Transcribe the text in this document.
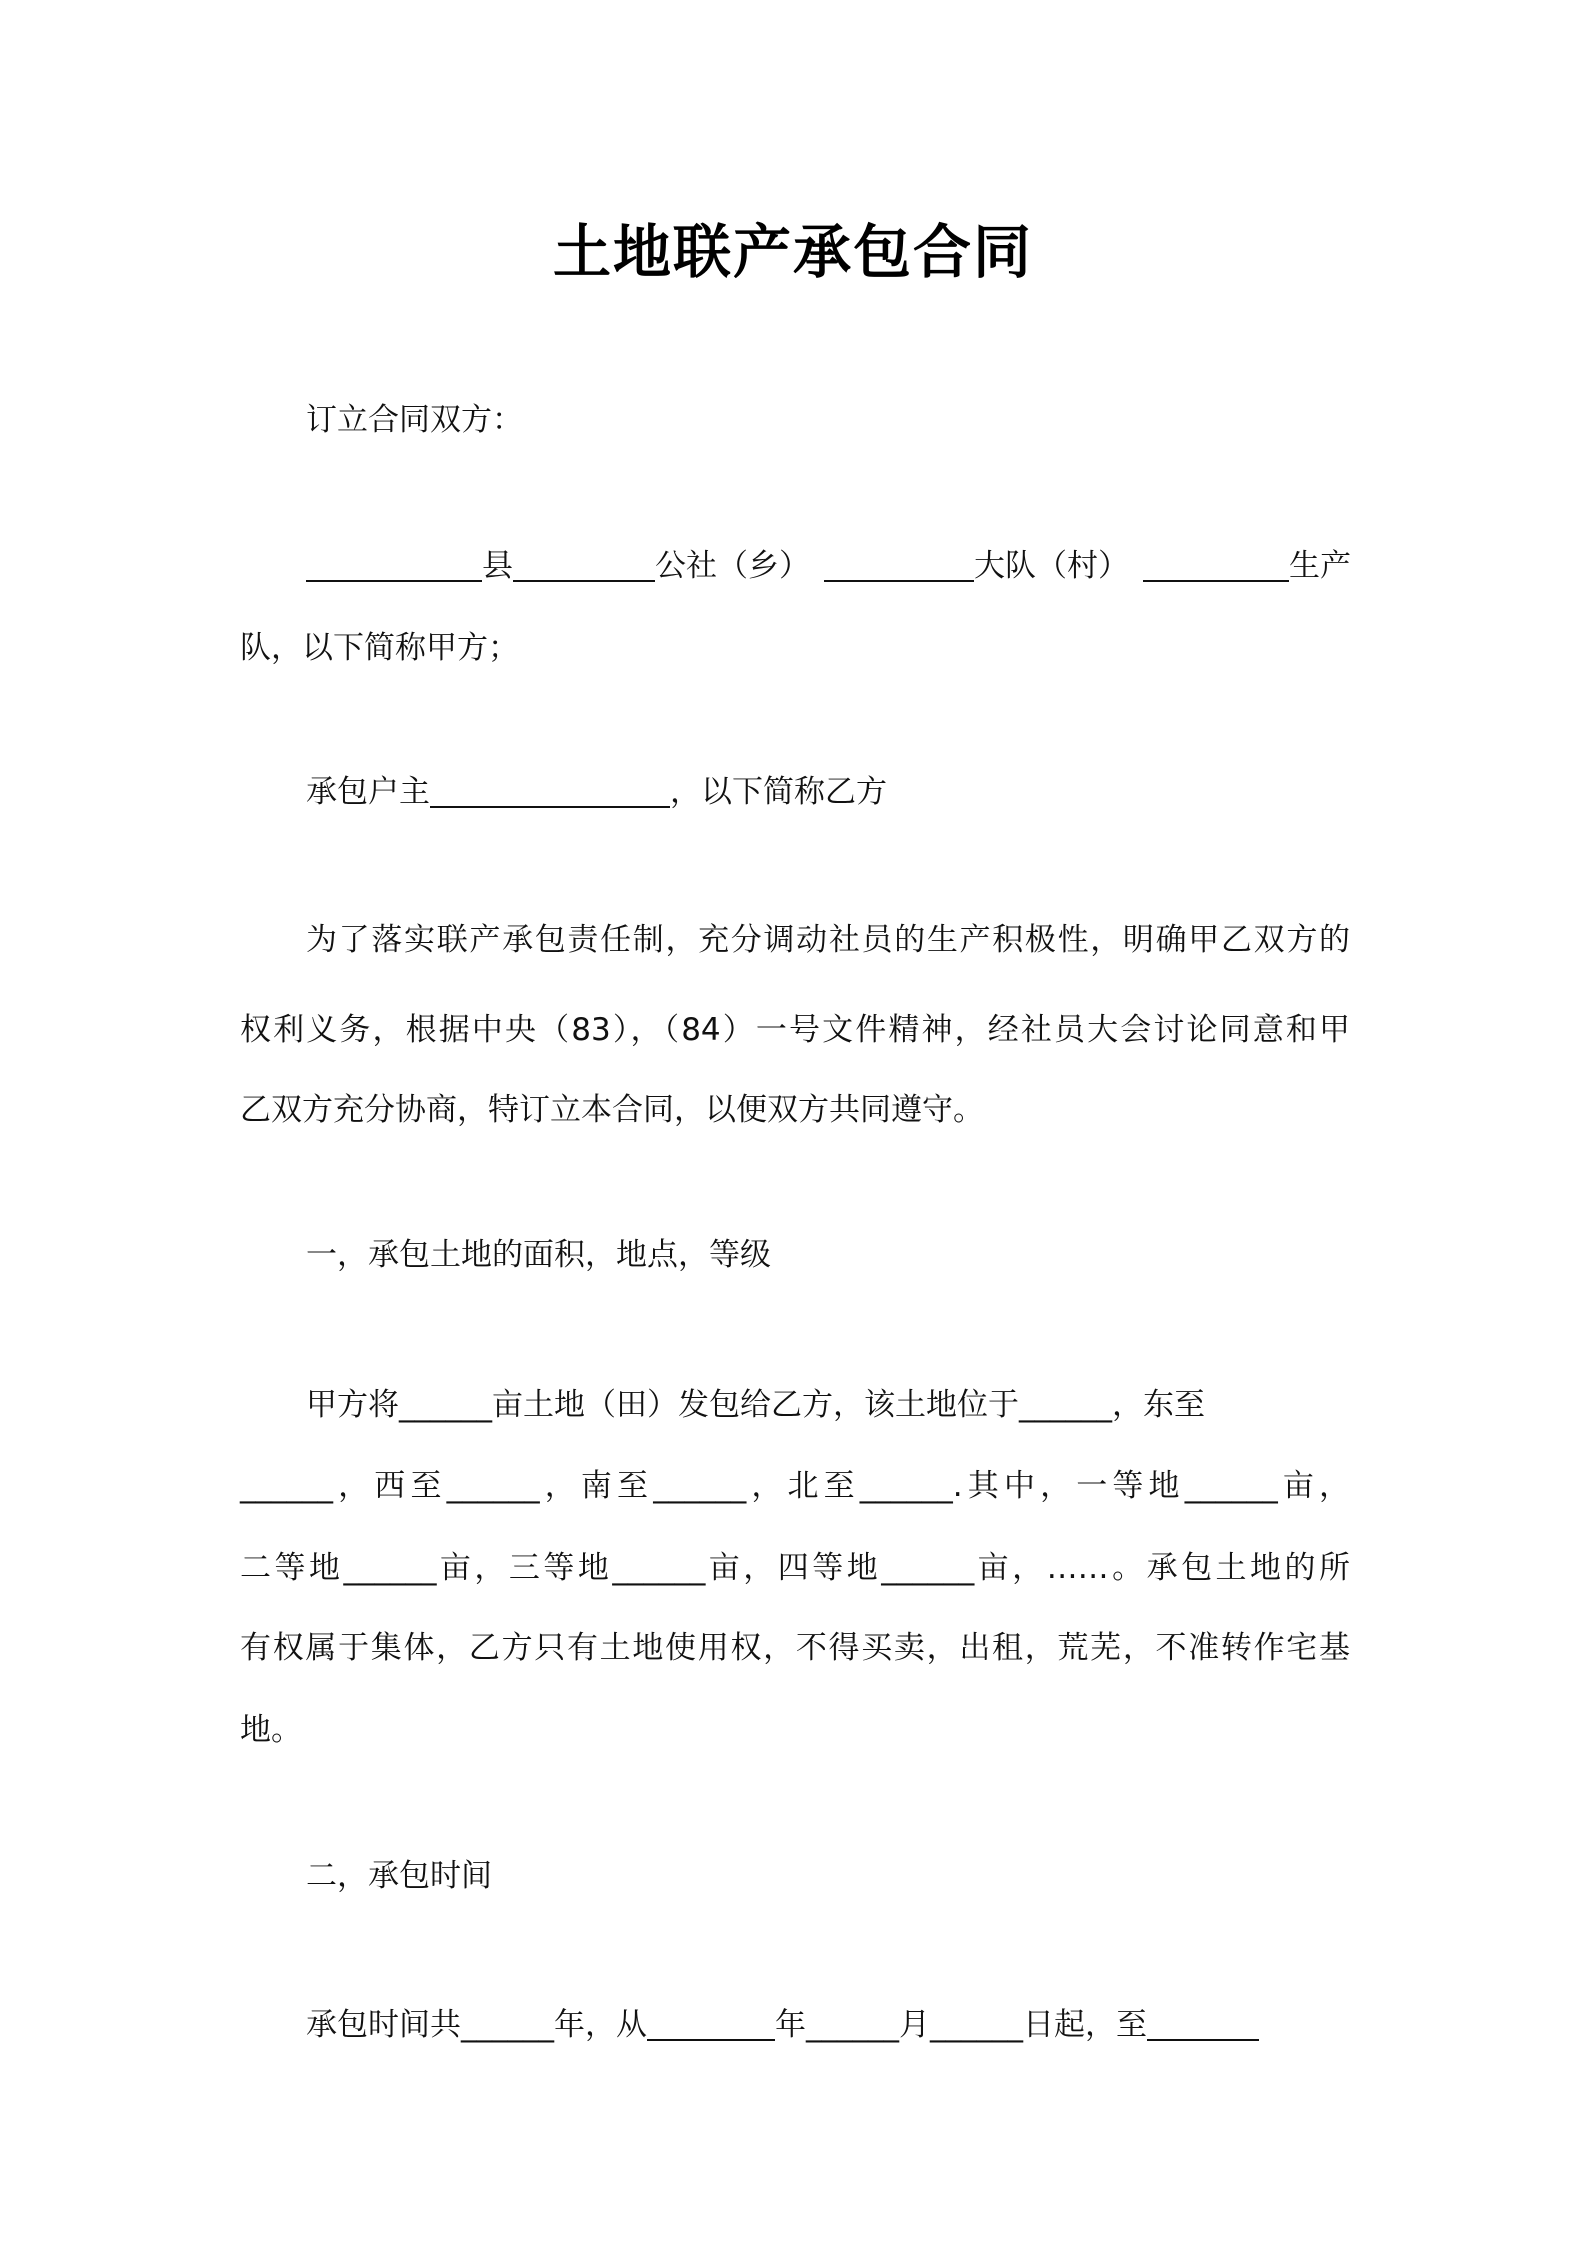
土地联产承包合同
订立合同双方：
县	公社（乡）	大队（村）	生产
队，以下简称甲方；
承包户主	，以下简称乙方
为了落实联产承包责任制，充分调动社员的生产积极性，明确甲乙双方的
权利义务，根据中央（83），（84）一号文件精神，经社员大会讨论同意和甲
乙双方充分协商，特订立本合同，以便双方共同遵守。
一，承包土地的面积，地点，等级
甲方将______亩土地（田）发包给乙方，该土地位于______，东至
______，西至______，南至______，北至______.其中，一等地______亩，
二等地______亩，三等地______亩，四等地______亩，……。承包土地的所
有权属于集体，乙方只有土地使用权，不得买卖，出租，荒芜，不准转作宅基
地。
二，承包时间
承包时间共______年，从	年______月______日起，至
